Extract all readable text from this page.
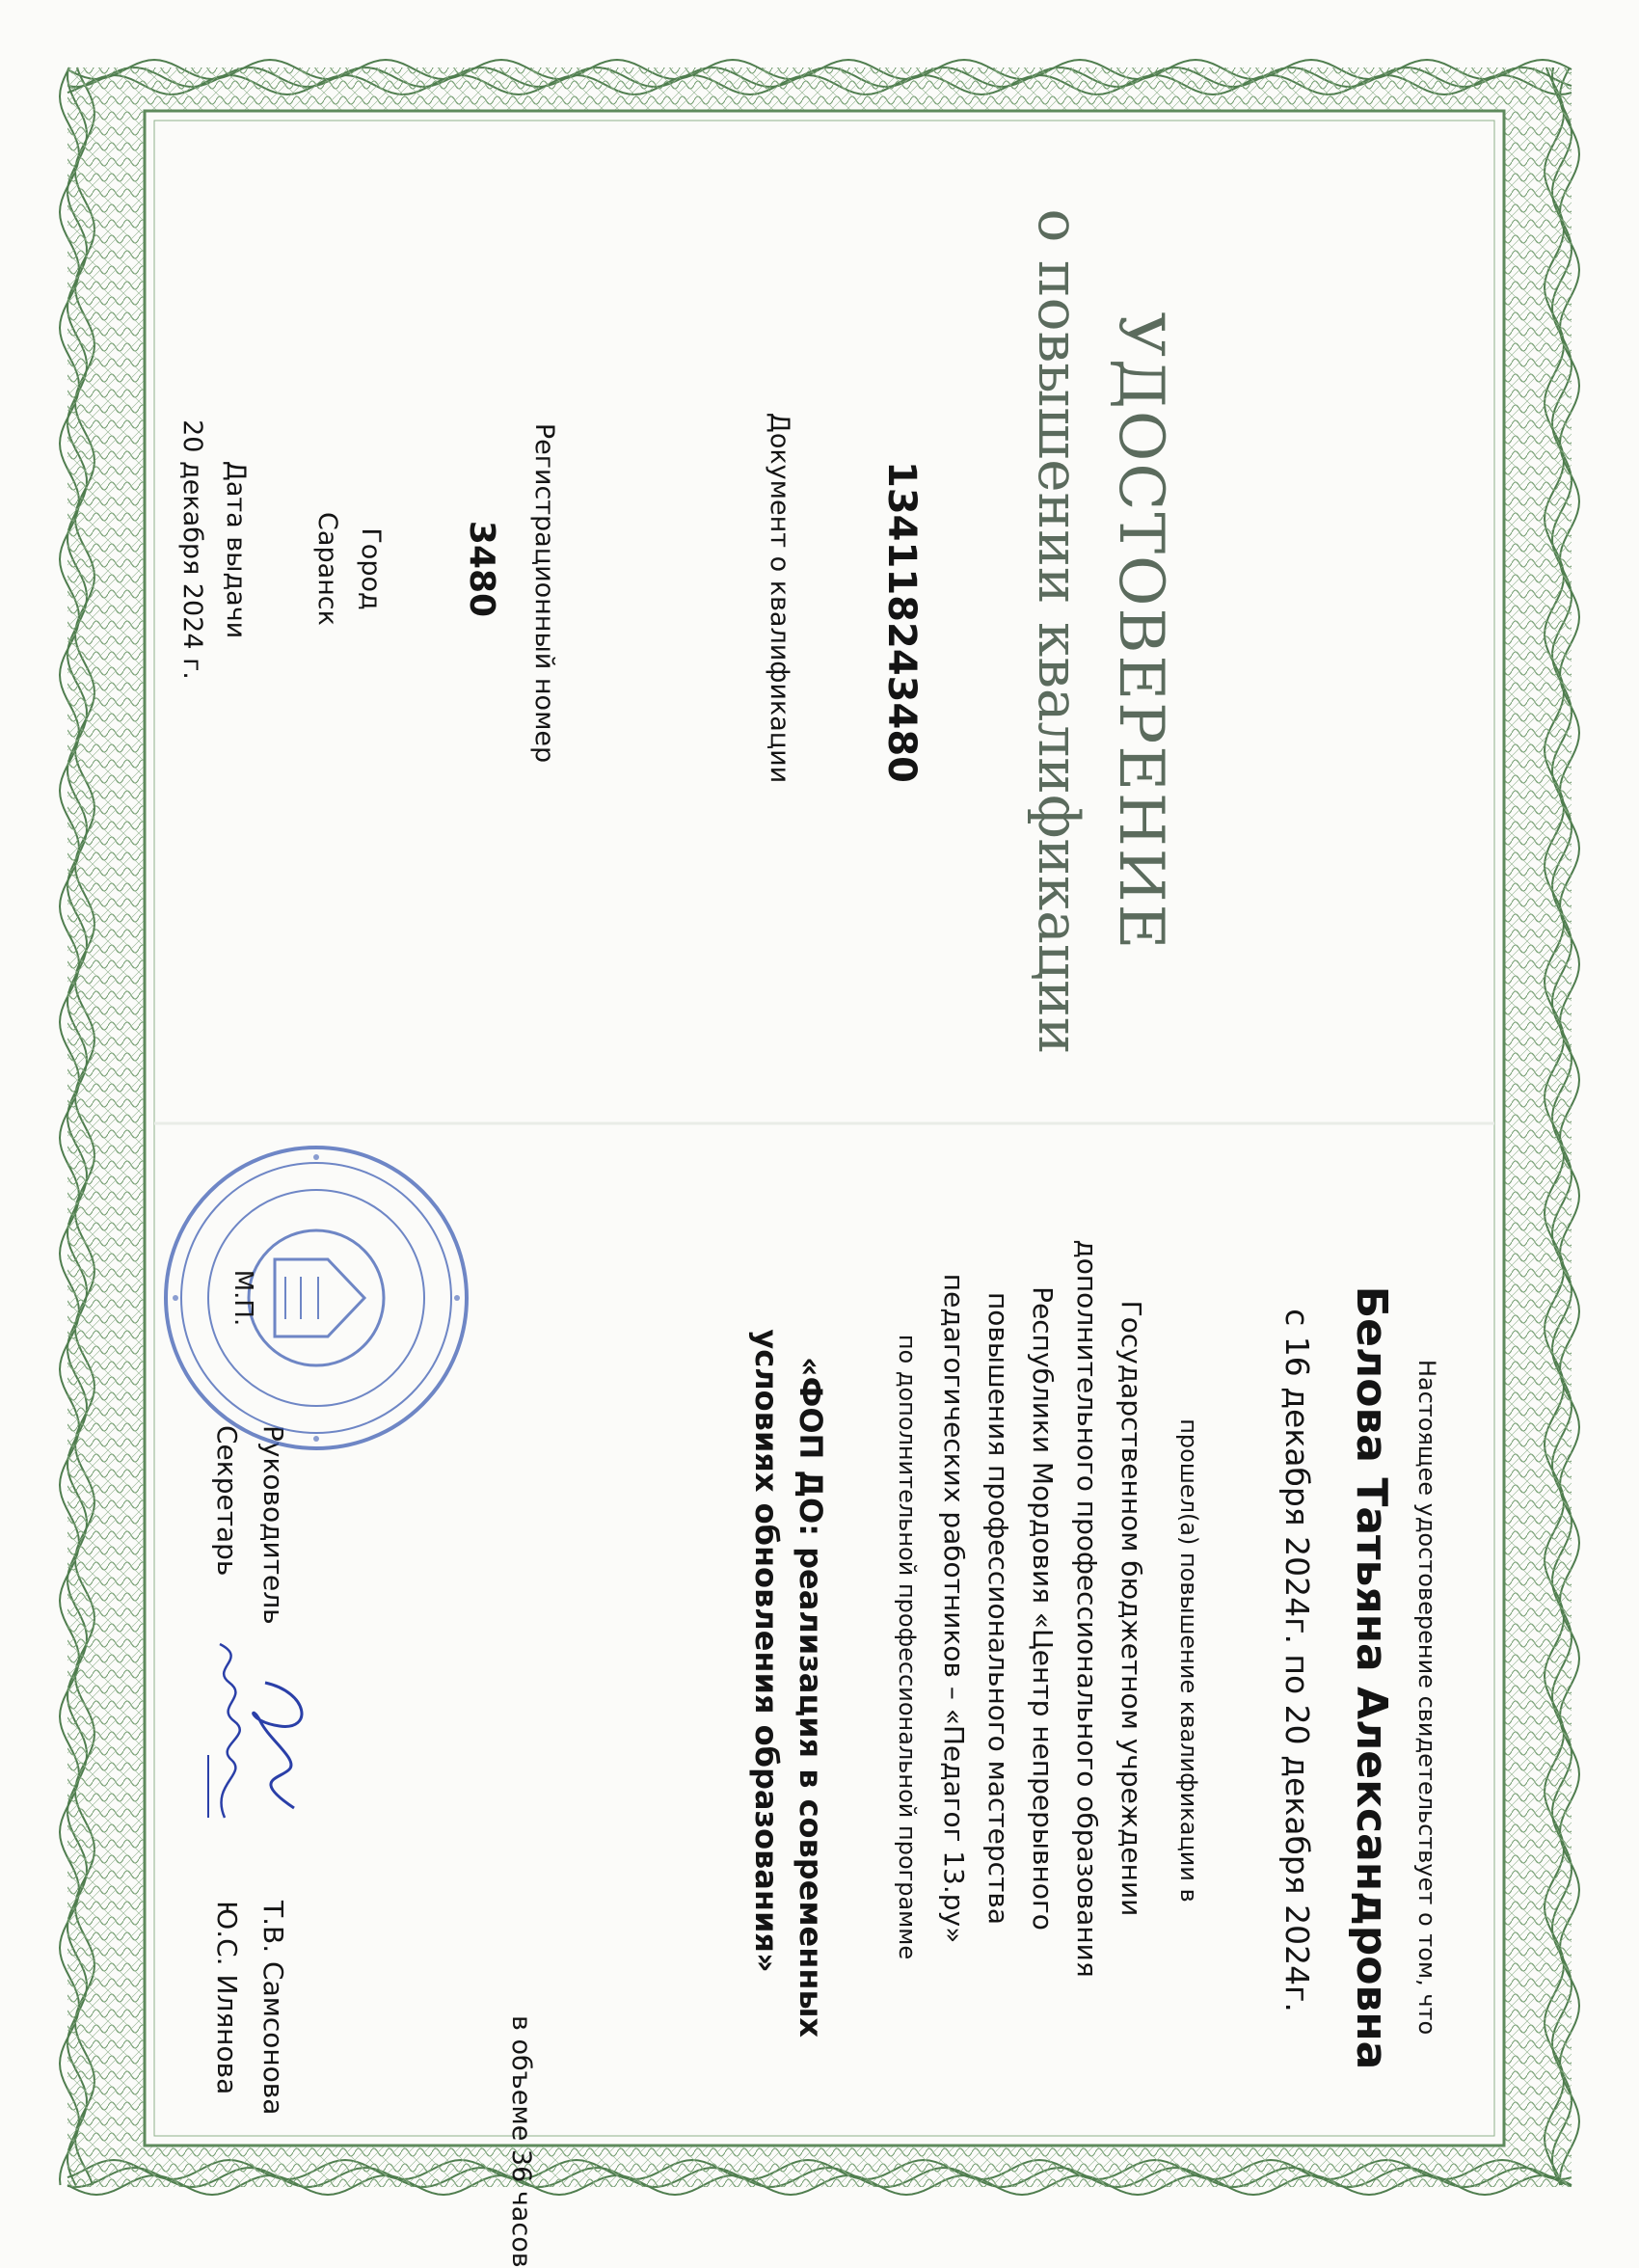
УДОСТОВЕРЕНИЕ
о повышении квалификации
134118243480
Документ о квалификации
Регистрационный номер
3480
Город
Саранск
Дата выдачи
20 декабря 2024 г.
Настоящее удостоверение свидетельствует о том, что
Белова Татьяна Александровна
с 16 декабря 2024г. по 20 декабря 2024г.
прошел(а) повышение квалификации в
Государственном бюджетном учреждении
дополнительного профессионального образования
Республики Мордовия «Центр непрерывного
повышения профессионального мастерства
педагогических работников – «Педагог 13.ру»
по дополнительной профессиональной программе
«ФОП ДО: реализация в современных
условиях обновления образования»
в объеме 36 часов
Руководитель
Т.В. Самсонова
Секретарь
Ю.С. Илянова
М.П.
